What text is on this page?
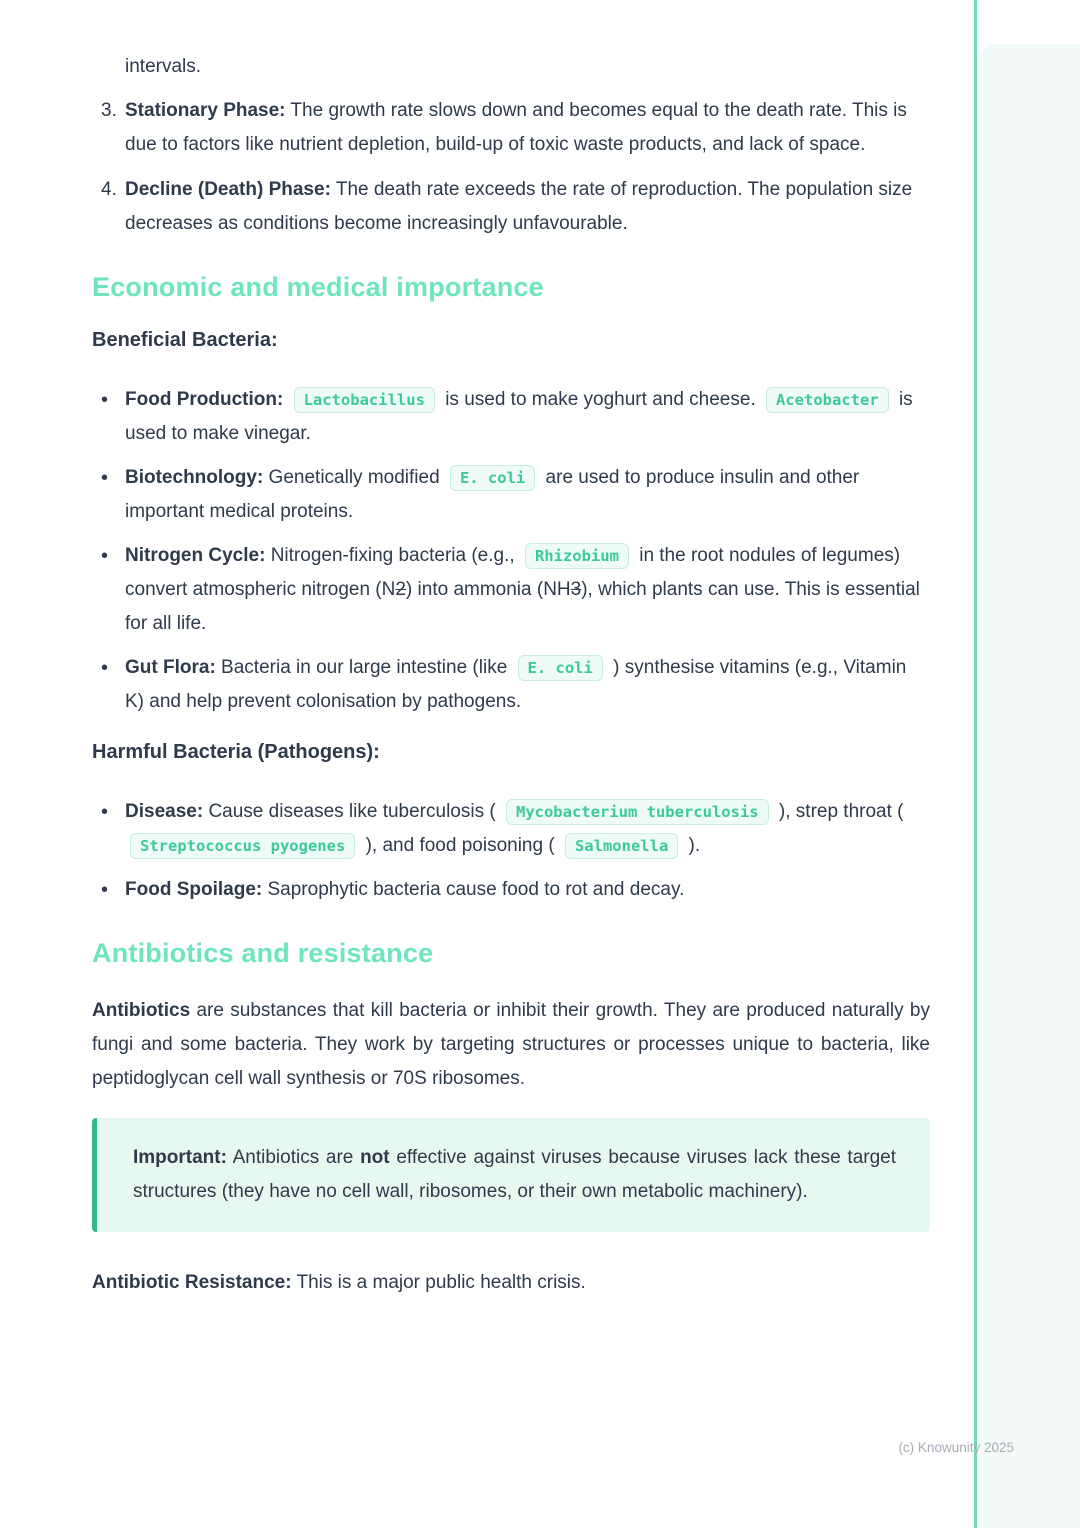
intervals.

3. Stationary Phase: The growth rate slows down and becomes equal to the death rate. This is due to factors like nutrient depletion, build-up of toxic waste products, and lack of space.
4. Decline (Death) Phase: The death rate exceeds the rate of reproduction. The population size decreases as conditions become increasingly unfavourable.
Economic and medical importance

Beneficial Bacteria:

• Food Production: Lactobacillus is used to make yoghurt and cheese. Acetobacter is used to make vinegar.
• Biotechnology: Genetically modified E. coli are used to produce insulin and other important medical proteins.
• Nitrogen Cycle: Nitrogen-fixing bacteria (e.g., Rhizobium in the root nodules of legumes) convert atmospheric nitrogen (N2) into ammonia (NH3), which plants can use. This is essential for all life.
• Gut Flora: Bacteria in our large intestine (like E. coli ) synthesise vitamins (e.g., Vitamin K) and help prevent colonisation by pathogens.

Harmful Bacteria (Pathogens):

• Disease: Cause diseases like tuberculosis ( Mycobacterium tuberculosis ), strep throat ( Streptococcus pyogenes ), and food poisoning ( Salmonella ).
• Food Spoilage: Saprophytic bacteria cause food to rot and decay.
Antibiotics and resistance

Antibiotics are substances that kill bacteria or inhibit their growth. They are produced naturally by fungi and some bacteria. They work by targeting structures or processes unique to bacteria, like peptidoglycan cell wall synthesis or 70S ribosomes.

Important: Antibiotics are not effective against viruses because viruses lack these target structures (they have no cell wall, ribosomes, or their own metabolic machinery).

Antibiotic Resistance: This is a major public health crisis.

(c) Knowunity 2025
